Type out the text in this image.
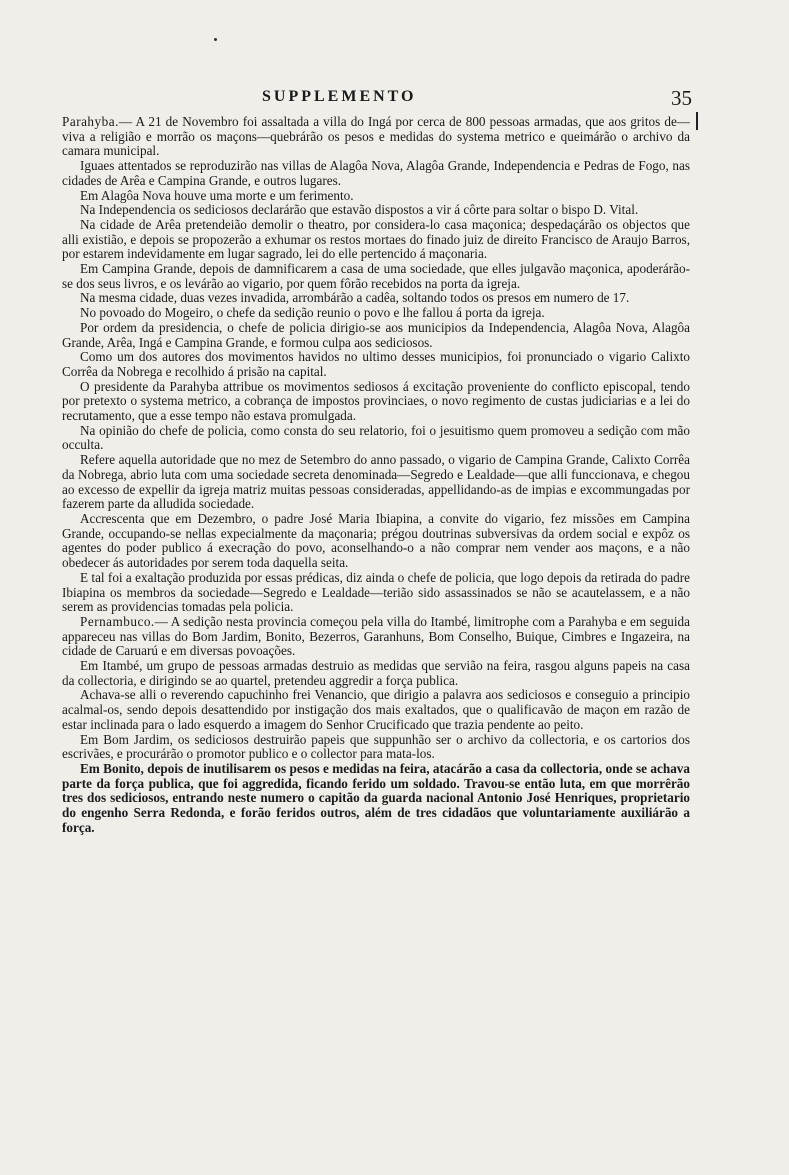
SUPPLEMENTO	35

Parahyba.— A 21 de Novembro foi assaltada a villa do Ingá por cerca de 800 pessoas armadas, que aos gritos de—viva a religião e morrão os maçons—quebrárão os pesos e medidas do systema metrico e queimárão o archivo da camara municipal.

Iguaes attentados se reproduzirão nas villas de Alagôa Nova, Alagôa Grande, Independencia e Pedras de Fogo, nas cidades de Arêa e Campina Grande, e outros lugares.

Em Alagôa Nova houve uma morte e um ferimento.

Na Independencia os sediciosos declarárão que estavão dispostos a vir á côrte para soltar o bispo D. Vital.

Na cidade de Arêa pretendeião demolir o theatro, por considera-lo casa maçonica; despedaçárão os objectos que alli existião, e depois se propozerão a exhumar os restos mortaes do finado juiz de direito Francisco de Araujo Barros, por estarem indevidamente em lugar sagrado, lei do elle pertencido á maçonaria.

Em Campina Grande, depois de damnificarem a casa de uma sociedade, que elles julgavão maçonica, apoderárão-se dos seus livros, e os levárão ao vigario, por quem fôrão recebidos na porta da igreja.

Na mesma cidade, duas vezes invadida, arrombárão a cadêa, soltando todos os presos em numero de 17.

No povoado do Mogeiro, o chefe da sedição reunio o povo e lhe fallou á porta da igreja.

Por ordem da presidencia, o chefe de policia dirigio-se aos municipios da Independencia, Alagôa Nova, Alagôa Grande, Arêa, Ingá e Campina Grande, e formou culpa aos sediciosos.

Como um dos autores dos movimentos havidos no ultimo desses municipios, foi pronunciado o vigario Calixto Corrêa da Nobrega e recolhido á prisão na capital.

O presidente da Parahyba attribue os movimentos sediosos á excitação proveniente do conflicto episcopal, tendo por pretexto o systema metrico, a cobrança de impostos provinciaes, o novo regimento de custas judiciarias e a lei do recrutamento, que a esse tempo não estava promulgada.

Na opinião do chefe de policia, como consta do seu relatorio, foi o jesuitismo quem promoveu a sedição com mão occulta.

Refere aquella autoridade que no mez de Setembro do anno passado, o vigario de Campina Grande, Calixto Corrêa da Nobrega, abrio luta com uma sociedade secreta denominada—Segredo e Lealdade—que alli funccionava, e chegou ao excesso de expellir da igreja matriz muitas pessoas consideradas, appellidando-as de impias e excommungadas por fazerem parte da alludida sociedade.

Accrescenta que em Dezembro, o padre José Maria Ibiapina, a convite do vigario, fez missões em Campina Grande, occupando-se nellas expecialmente da maçonaria; prégou doutrinas subversivas da ordem social e expôz os agentes do poder publico á execração do povo, aconselhando-o a não comprar nem vender aos maçons, e a não obedecer ás autoridades por serem toda daquella seita.

E tal foi a exaltação produzida por essas prédicas, diz ainda o chefe de policia, que logo depois da retirada do padre Ibiapina os membros da sociedade—Segredo e Lealdade—terião sido assassinados se não se acautelassem, e a não serem as providencias tomadas pela policia.

Pernambuco.— A sedição nesta provincia começou pela villa do Itambé, limitrophe com a Parahyba e em seguida appareceu nas villas do Bom Jardim, Bonito, Bezerros, Garanhuns, Bom Conselho, Buique, Cimbres e Ingazeira, na cidade de Caruarú e em diversas povoações.

Em Itambé, um grupo de pessoas armadas destruio as medidas que servião na feira, rasgou alguns papeis na casa da collectoria, e dirigindo se ao quartel, pretendeu aggredir a força publica.

Achava-se alli o reverendo capuchinho frei Venancio, que dirigio a palavra aos sediciosos e conseguio a principio acalmal-os, sendo depois desattendido por instigação dos mais exaltados, que o qualificavão de maçon em razão de estar inclinada para o lado esquerdo a imagem do Senhor Crucificado que trazia pendente ao peito.

Em Bom Jardim, os sediciosos destruirão papeis que suppunhão ser o archivo da collectoria, e os cartorios dos escrivães, e procurárão o promotor publico e o collector para mata-los.

Em Bonito, depois de inutilisarem os pesos e medidas na feira, atacárão a casa da collectoria, onde se achava parte da força publica, que foi aggredida, ficando ferido um soldado. Travou-se então luta, em que morrêrão tres dos sediciosos, entrando neste numero o capitão da guarda nacional Antonio José Henriques, proprietario do engenho Serra Redonda, e forão feridos outros, além de tres cidadãos que voluntariamente auxiliárão a força.
